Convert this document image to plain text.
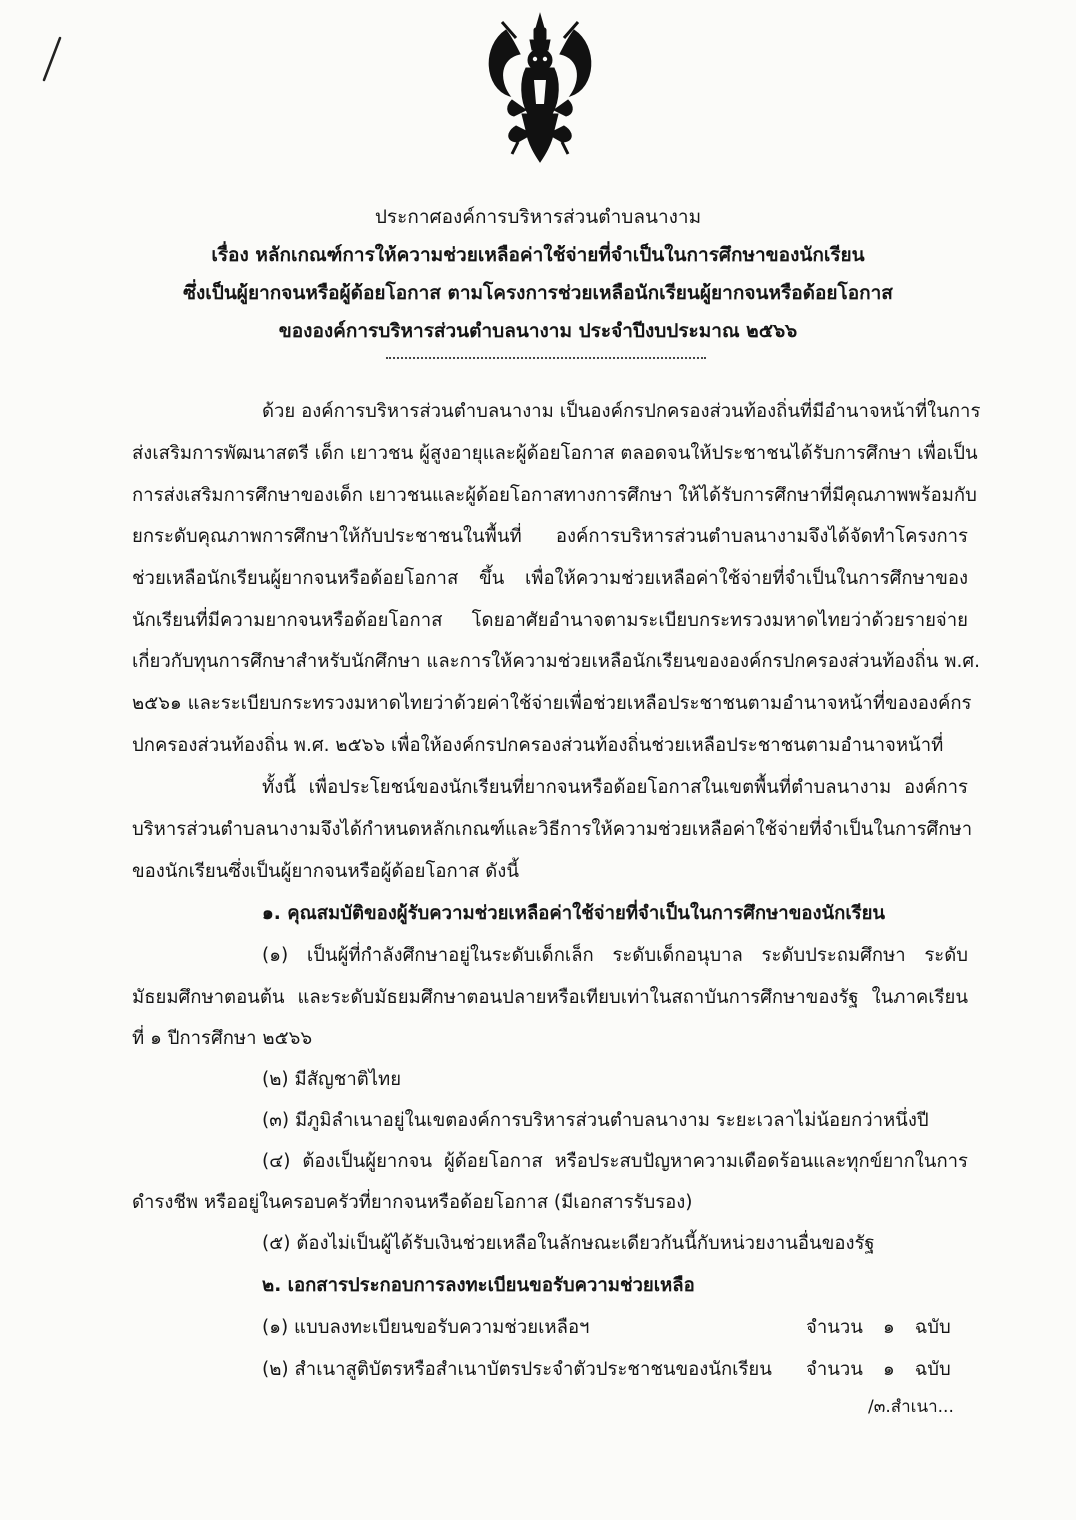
ประกาศองค์การบริหารส่วนตำบลนางาม
เรื่อง หลักเกณฑ์การให้ความช่วยเหลือค่าใช้จ่ายที่จำเป็นในการศึกษาของนักเรียน
ซึ่งเป็นผู้ยากจนหรือผู้ด้อยโอกาส ตามโครงการช่วยเหลือนักเรียนผู้ยากจนหรือด้อยโอกาส
ขององค์การบริหารส่วนตำบลนางาม ประจำปีงบประมาณ ๒๕๖๖
ด้วย องค์การบริหารส่วนตำบลนางาม เป็นองค์กรปกครองส่วนท้องถิ่นที่มีอำนาจหน้าที่ในการ
ส่งเสริมการพัฒนาสตรี เด็ก เยาวชน ผู้สูงอายุและผู้ด้อยโอกาส ตลอดจนให้ประชาชนได้รับการศึกษา เพื่อเป็น
การส่งเสริมการศึกษาของเด็ก เยาวชนและผู้ด้อยโอกาสทางการศึกษา ให้ได้รับการศึกษาที่มีคุณภาพพร้อมกับ
ยกระดับคุณภาพการศึกษาให้กับประชาชนในพื้นที่ องค์การบริหารส่วนตำบลนางามจึงได้จัดทำโครงการ
ช่วยเหลือนักเรียนผู้ยากจนหรือด้อยโอกาส ขึ้น เพื่อให้ความช่วยเหลือค่าใช้จ่ายที่จำเป็นในการศึกษาของ
นักเรียนที่มีความยากจนหรือด้อยโอกาส โดยอาศัยอำนาจตามระเบียบกระทรวงมหาดไทยว่าด้วยรายจ่าย
เกี่ยวกับทุนการศึกษาสำหรับนักศึกษา และการให้ความช่วยเหลือนักเรียนขององค์กรปกครองส่วนท้องถิ่น พ.ศ.
๒๕๖๑ และระเบียบกระทรวงมหาดไทยว่าด้วยค่าใช้จ่ายเพื่อช่วยเหลือประชาชนตามอำนาจหน้าที่ขององค์กร
ปกครองส่วนท้องถิ่น พ.ศ. ๒๕๖๖ เพื่อให้องค์กรปกครองส่วนท้องถิ่นช่วยเหลือประชาชนตามอำนาจหน้าที่
ทั้งนี้ เพื่อประโยชน์ของนักเรียนที่ยากจนหรือด้อยโอกาสในเขตพื้นที่ตำบลนางาม องค์การ
บริหารส่วนตำบลนางามจึงได้กำหนดหลักเกณฑ์และวิธีการให้ความช่วยเหลือค่าใช้จ่ายที่จำเป็นในการศึกษา
ของนักเรียนซึ่งเป็นผู้ยากจนหรือผู้ด้อยโอกาส ดังนี้
๑. คุณสมบัติของผู้รับความช่วยเหลือค่าใช้จ่ายที่จำเป็นในการศึกษาของนักเรียน
(๑) เป็นผู้ที่กำลังศึกษาอยู่ในระดับเด็กเล็ก ระดับเด็กอนุบาล ระดับประถมศึกษา ระดับ
มัธยมศึกษาตอนต้น และระดับมัธยมศึกษาตอนปลายหรือเทียบเท่าในสถาบันการศึกษาของรัฐ ในภาคเรียน
ที่ ๑ ปีการศึกษา ๒๕๖๖
(๒) มีสัญชาติไทย
(๓) มีภูมิลำเนาอยู่ในเขตองค์การบริหารส่วนตำบลนางาม ระยะเวลาไม่น้อยกว่าหนึ่งปี
(๔) ต้องเป็นผู้ยากจน ผู้ด้อยโอกาส หรือประสบปัญหาความเดือดร้อนและทุกข์ยากในการ
ดำรงชีพ หรืออยู่ในครอบครัวที่ยากจนหรือด้อยโอกาส (มีเอกสารรับรอง)
(๕) ต้องไม่เป็นผู้ได้รับเงินช่วยเหลือในลักษณะเดียวกันนี้กับหน่วยงานอื่นของรัฐ
๒. เอกสารประกอบการลงทะเบียนขอรับความช่วยเหลือ
(๑) แบบลงทะเบียนขอรับความช่วยเหลือฯ	จำนวน ๑ ฉบับ
(๒) สำเนาสูติบัตรหรือสำเนาบัตรประจำตัวประชาชนของนักเรียน จำนวน ๑ ฉบับ
/๓.สำเนา...
